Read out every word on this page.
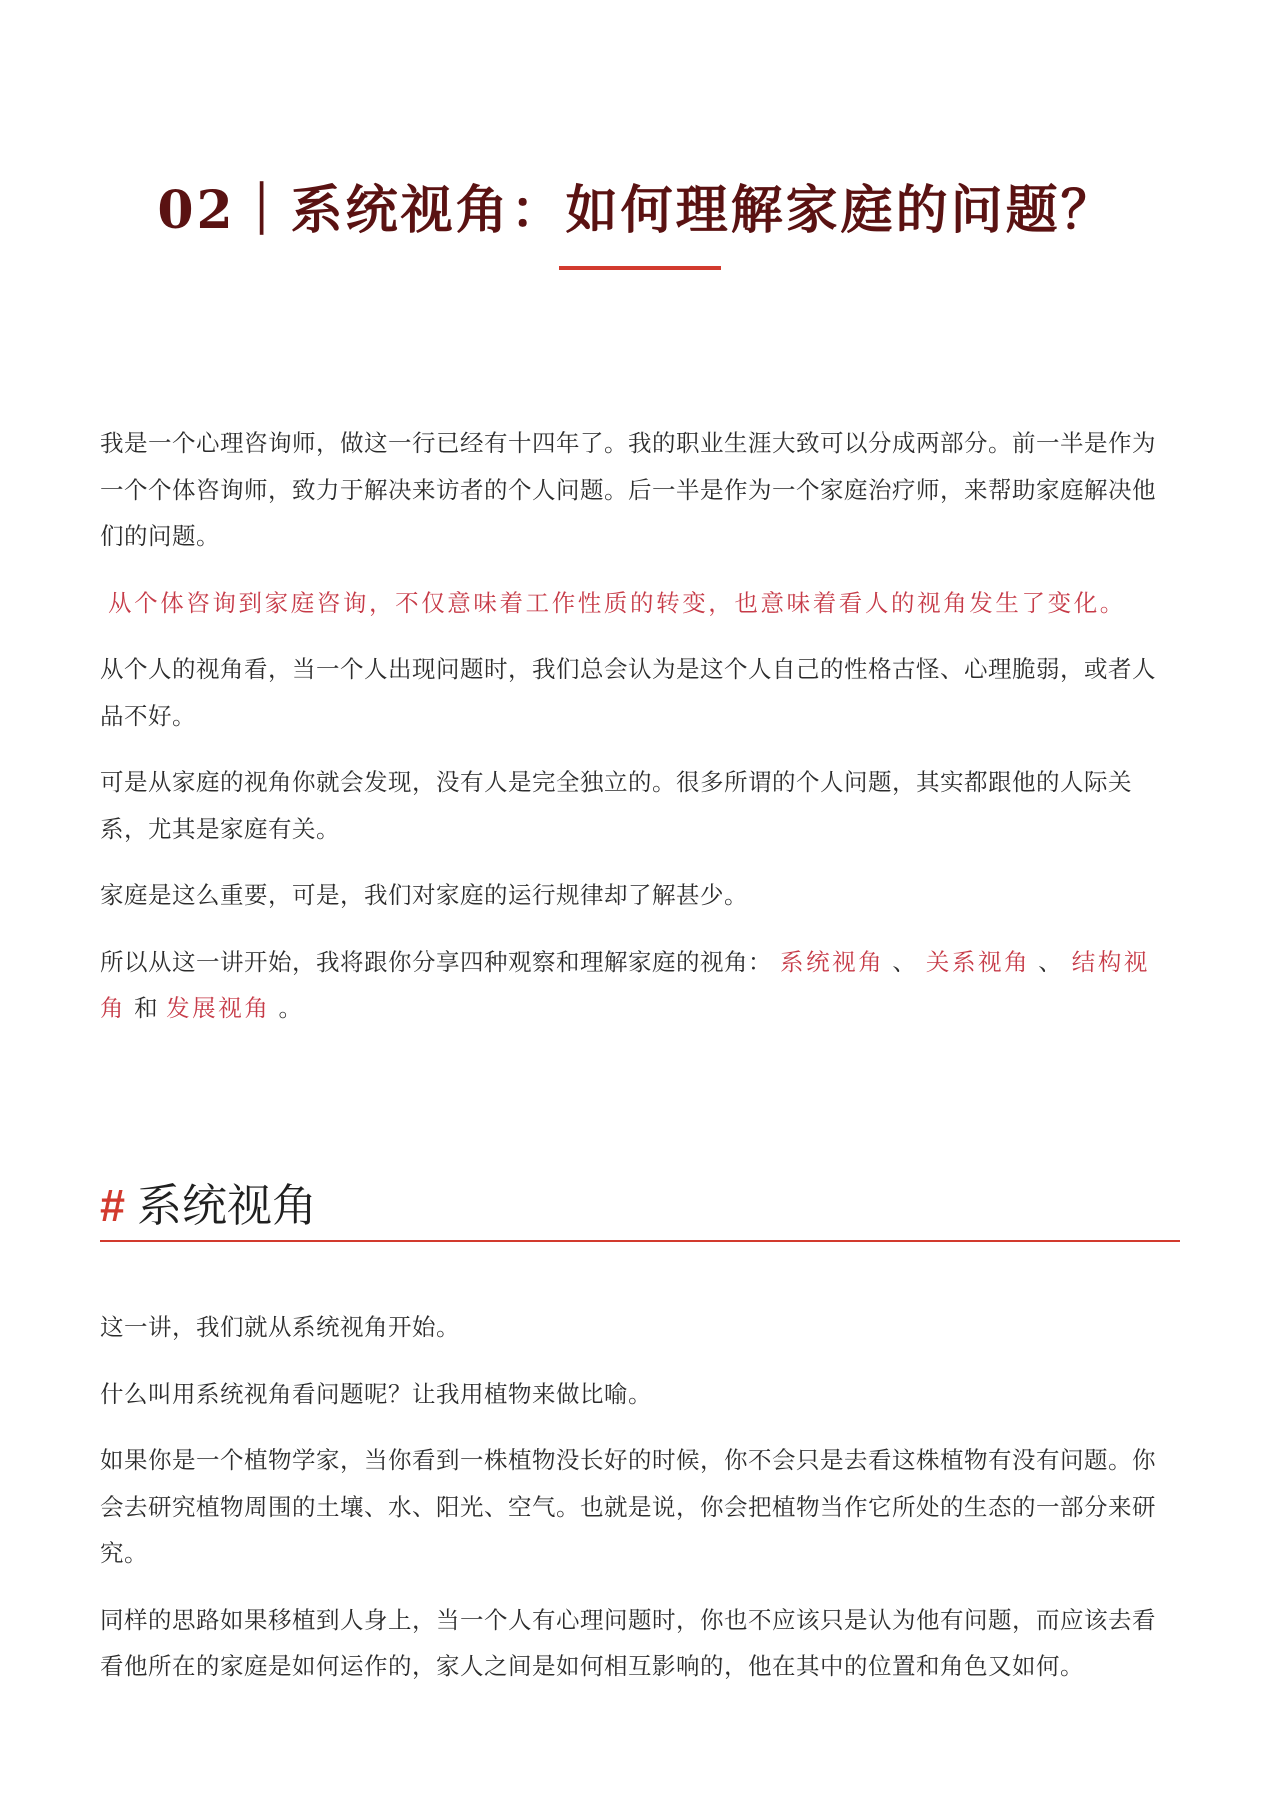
02｜系统视角：如何理解家庭的问题？

我是一个心理咨询师，做这一行已经有十四年了。我的职业生涯大致可以分成两部分。前一半是作为一个个体咨询师，致力于解决来访者的个人问题。后一半是作为一个家庭治疗师，来帮助家庭解决他们的问题。

从个体咨询到家庭咨询，不仅意味着工作性质的转变，也意味着看人的视角发生了变化。

从个人的视角看，当一个人出现问题时，我们总会认为是这个人自己的性格古怪、心理脆弱，或者人品不好。

可是从家庭的视角你就会发现，没有人是完全独立的。很多所谓的个人问题，其实都跟他的人际关系，尤其是家庭有关。

家庭是这么重要，可是，我们对家庭的运行规律却了解甚少。

所以从这一讲开始，我将跟你分享四种观察和理解家庭的视角： 系统视角 、 关系视角 、 结构视角 和 发展视角 。

# 系统视角

这一讲，我们就从系统视角开始。

什么叫用系统视角看问题呢？让我用植物来做比喻。

如果你是一个植物学家，当你看到一株植物没长好的时候，你不会只是去看这株植物有没有问题。你会去研究植物周围的土壤、水、阳光、空气。也就是说，你会把植物当作它所处的生态的一部分来研究。

同样的思路如果移植到人身上，当一个人有心理问题时，你也不应该只是认为他有问题，而应该去看看他所在的家庭是如何运作的，家人之间是如何相互影响的，他在其中的位置和角色又如何。
